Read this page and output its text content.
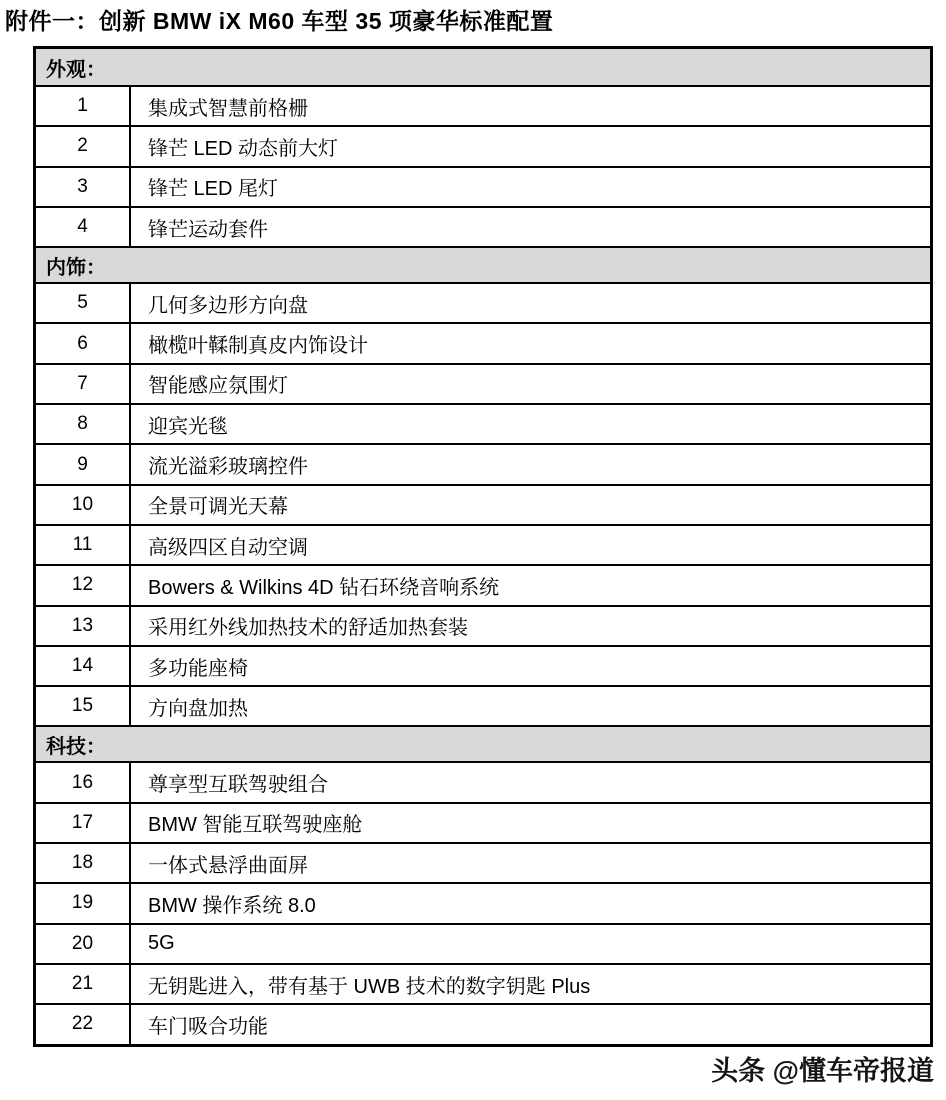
附件一：创新 BMW iX M60 车型 35 项豪华标准配置
外观：
1	集成式智慧前格栅
2	锋芒 LED 动态前大灯
3	锋芒 LED 尾灯
4	锋芒运动套件
内饰：
5	几何多边形方向盘
6	橄榄叶鞣制真皮内饰设计
7	智能感应氛围灯
8	迎宾光毯
9	流光溢彩玻璃控件
10	全景可调光天幕
11	高级四区自动空调
12	Bowers & Wilkins 4D 钻石环绕音响系统
13	采用红外线加热技术的舒适加热套装
14	多功能座椅
15	方向盘加热
科技：
16	尊享型互联驾驶组合
17	BMW 智能互联驾驶座舱
18	一体式悬浮曲面屏
19	BMW 操作系统 8.0
20	5G
21	无钥匙进入，带有基于 UWB 技术的数字钥匙 Plus
22	车门吸合功能
头条 @懂车帝报道
